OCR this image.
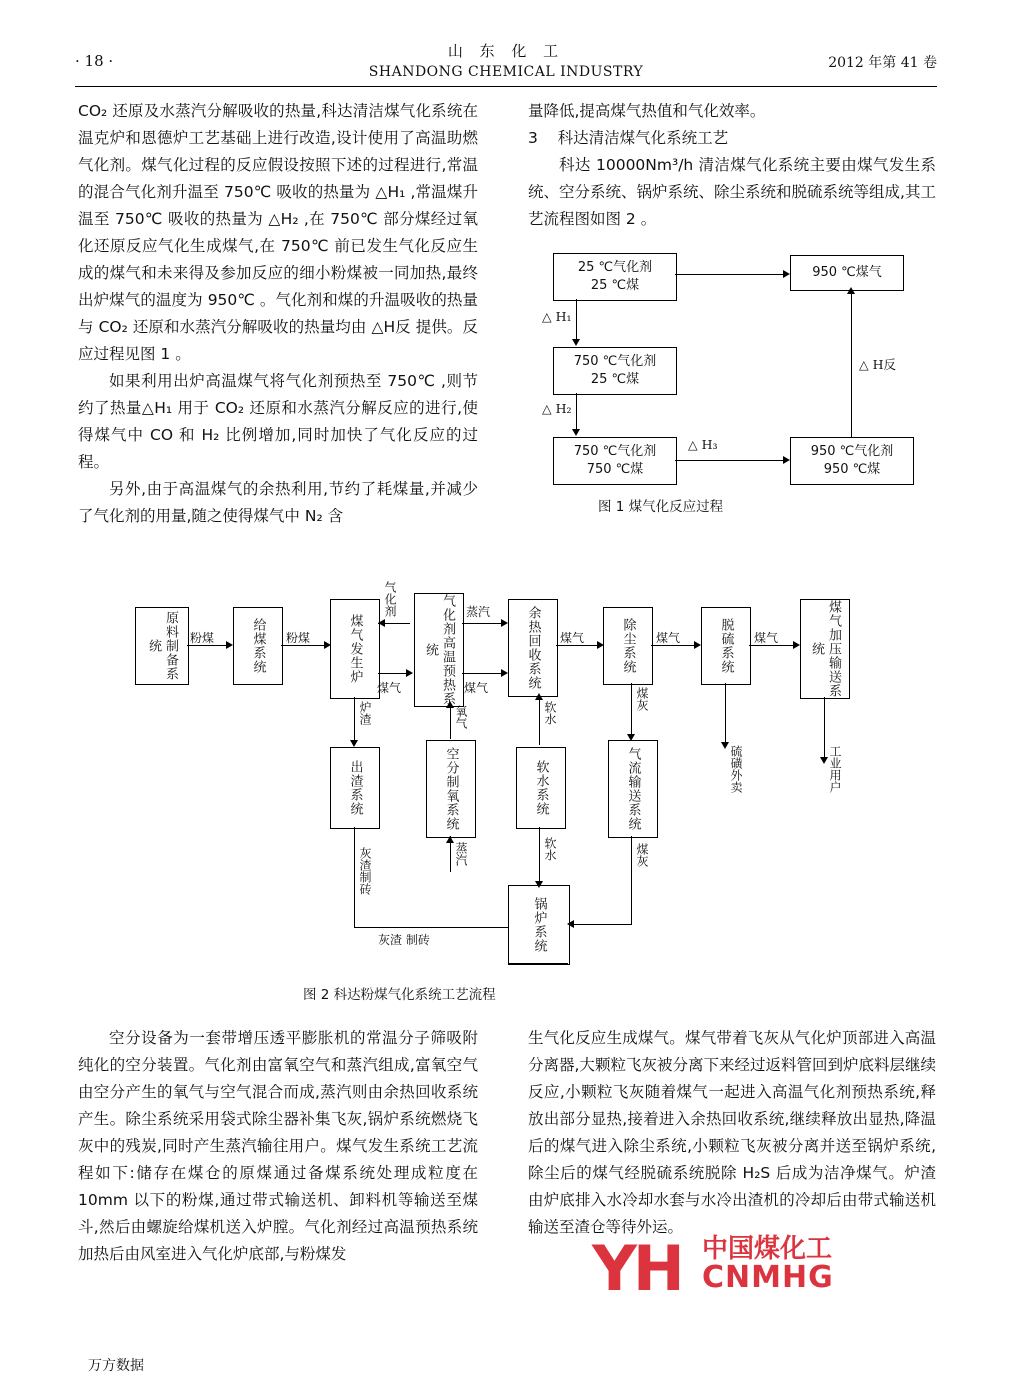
· 18 ·
山 东 化 工
SHANDONG CHEMICAL INDUSTRY
2012 年第 41 卷

CO₂ 还原及水蒸汽分解吸收的热量,科达清洁煤气化系统在温克炉和恩德炉工艺基础上进行改造,设计使用了高温助燃气化剂。煤气化过程的反应假设按照下述的过程进行,常温的混合气化剂升温至 750℃ 吸收的热量为 △H₁ ,常温煤升温至 750℃ 吸收的热量为 △H₂ ,在 750℃ 部分煤经过氧化还原反应气化生成煤气,在 750℃ 前已发生气化反应生成的煤气和未来得及参加反应的细小粉煤被一同加热,最终出炉煤气的温度为 950℃ 。气化剂和煤的升温吸收的热量与 CO₂ 还原和水蒸汽分解吸收的热量均由 △H反 提供。反应过程见图 1 。

如果利用出炉高温煤气将气化剂预热至 750℃ ,则节约了热量△H₁ 用于 CO₂ 还原和水蒸汽分解反应的进行,使得煤气中 CO 和 H₂ 比例增加,同时加快了气化反应的过程。

另外,由于高温煤气的余热利用,节约了耗煤量,并减少了气化剂的用量,随之使得煤气中 N₂ 含

量降低,提高煤气热值和气化效率。

3 科达清洁煤气化系统工艺

科达 10000Nm³/h 清洁煤气化系统主要由煤气发生系统、空分系统、锅炉系统、除尘系统和脱硫系统等组成,其工艺流程图如图 2 。

25 ℃气化剂
25 ℃煤
950 ℃煤气
750 ℃气化剂
25 ℃煤
750 ℃气化剂
750 ℃煤
950 ℃气化剂
950 ℃煤
△ H₁
△ H₂
△ H₃
△ H反
图 1 煤气化反应过程
原料制备系统	给煤系统	煤气发生炉	气化剂高温预热系统	余热回收系统	除尘系统	脱硫系统	煤气加压输送系统
出渣系统	空分制氧系统	软水系统	气流输送系统
锅炉系统
粉煤	粉煤
气化剂
煤气
蒸汽
煤气
煤气	煤气	煤气
炉渣	氧气	软水
煤灰
蒸汽	软水	煤灰
灰渣制砖
灰渣 制砖
硫磺外卖	工业用户
图 2 科达粉煤气化系统工艺流程

空分设备为一套带增压透平膨胀机的常温分子筛吸附纯化的空分装置。气化剂由富氧空气和蒸汽组成,富氧空气由空分产生的氧气与空气混合而成,蒸汽则由余热回收系统产生。除尘系统采用袋式除尘器补集飞灰,锅炉系统燃烧飞灰中的残炭,同时产生蒸汽输往用户。煤气发生系统工艺流程如下:储存在煤仓的原煤通过备煤系统处理成粒度在 10mm 以下的粉煤,通过带式输送机、卸料机等输送至煤斗,然后由螺旋给煤机送入炉膛。气化剂经过高温预热系统加热后由风室进入气化炉底部,与粉煤发

生气化反应生成煤气。煤气带着飞灰从气化炉顶部进入高温分离器,大颗粒飞灰被分离下来经过返料管回到炉底料层继续反应,小颗粒飞灰随着煤气一起进入高温气化剂预热系统,释放出部分显热,接着进入余热回收系统,继续释放出显热,降温后的煤气进入除尘系统,小颗粒飞灰被分离并送至锅炉系统,除尘后的煤气经脱硫系统脱除 H₂S 后成为洁净煤气。炉渣由炉底排入水冷却水套与水冷出渣机的冷却后由带式输送机输送至渣仓等待外运。

YH 中国煤化工
CNMHG
万方数据
